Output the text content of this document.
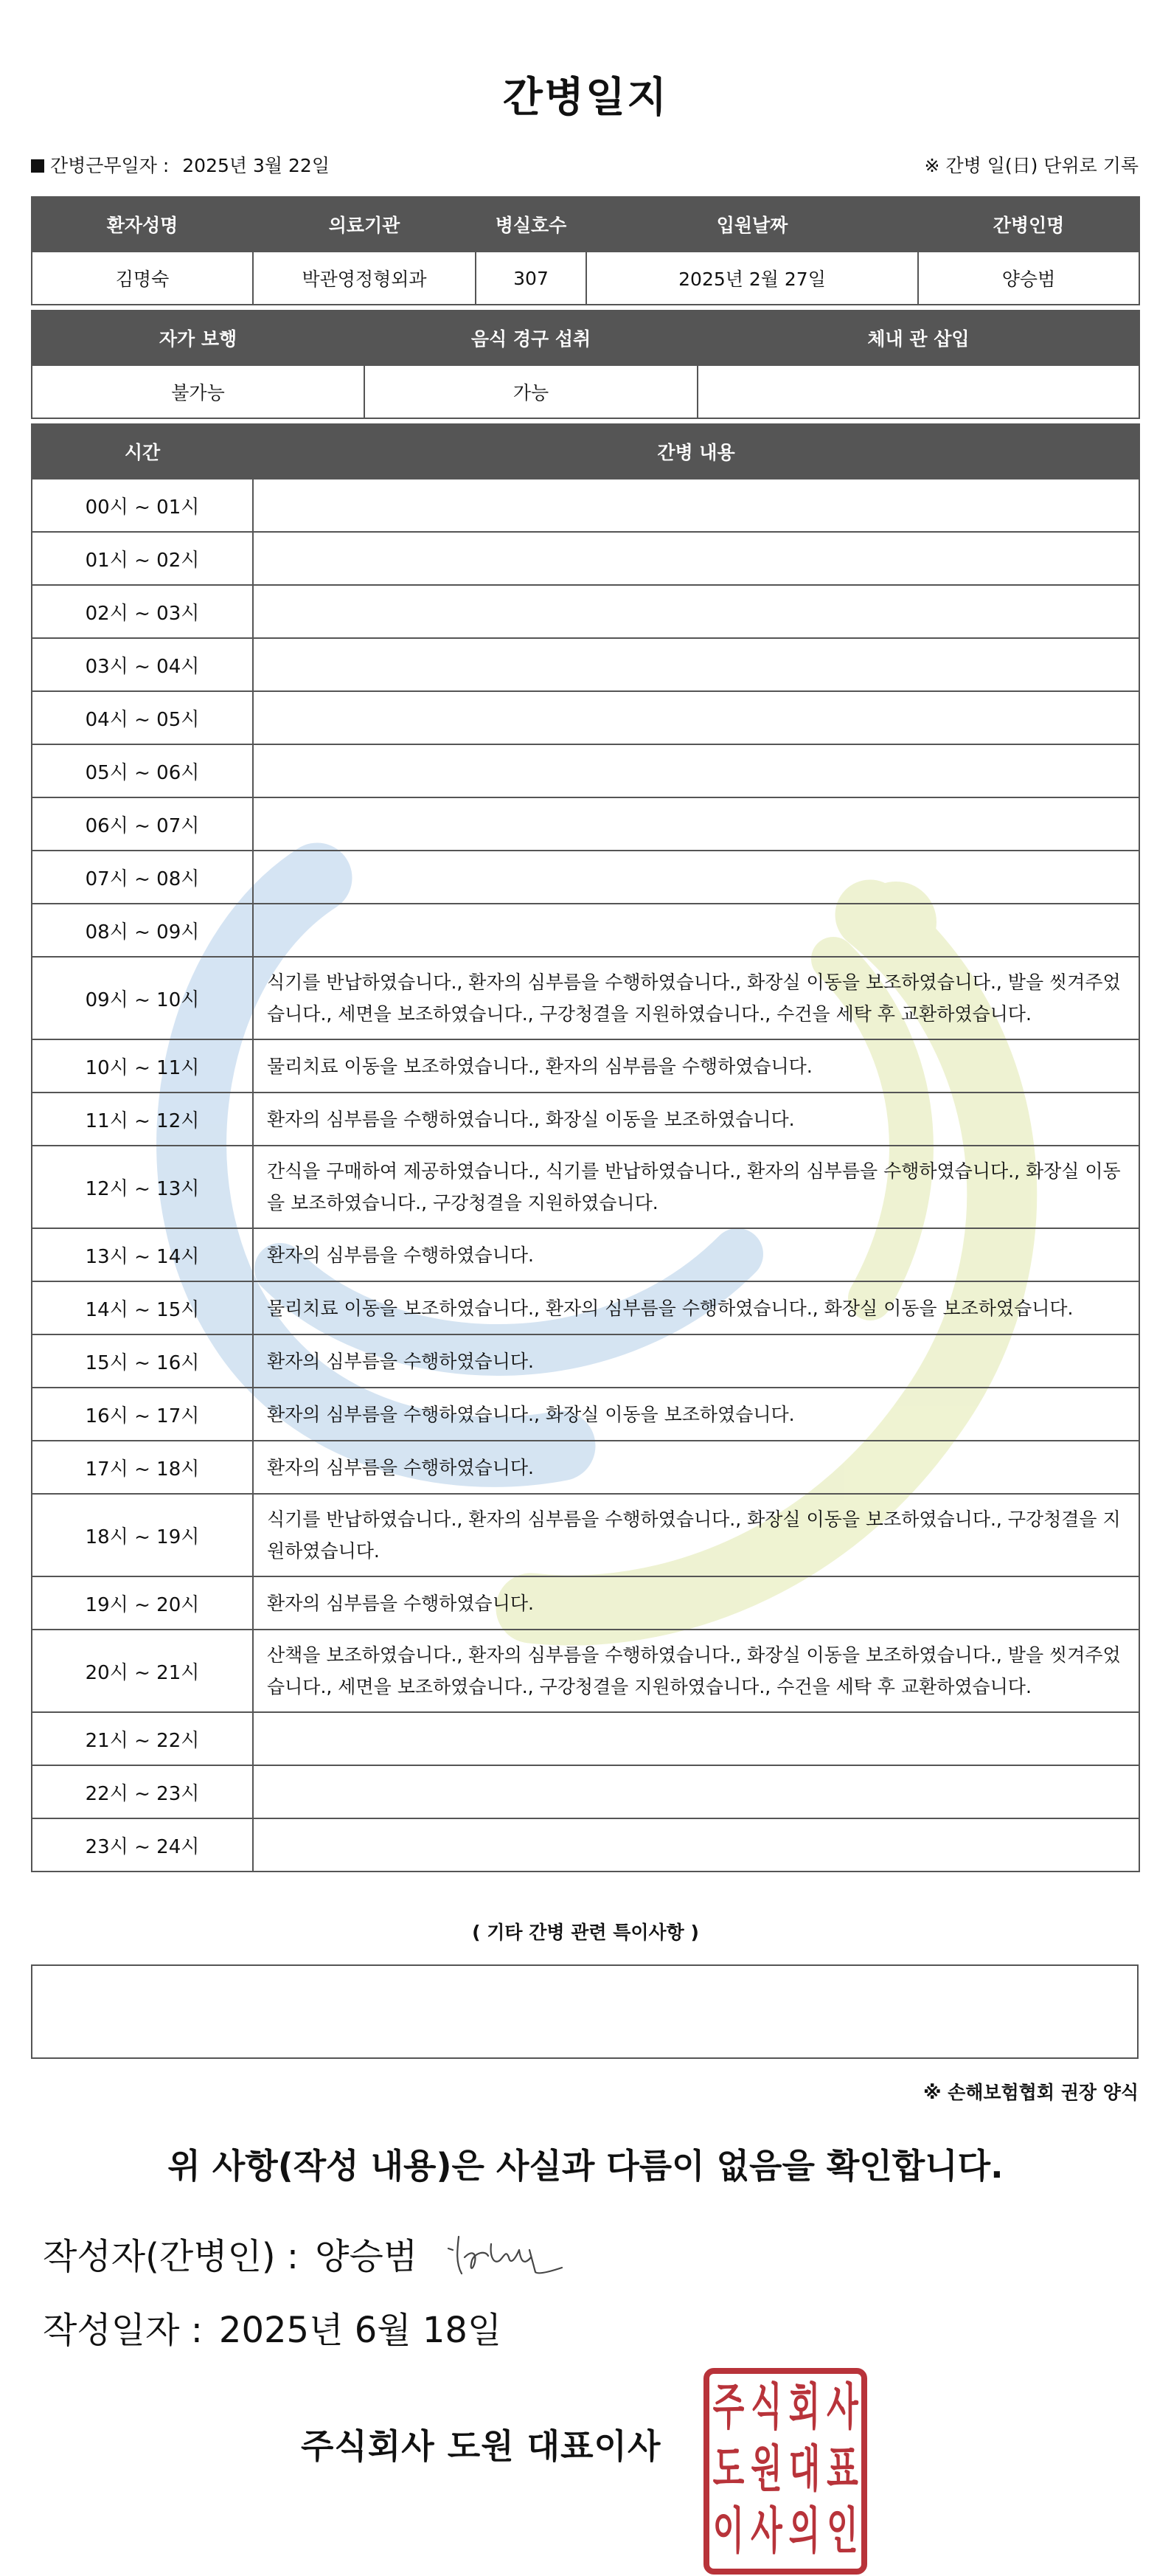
간병일지
간병근무일자 : 2025년 3월 22일	※ 간병 일(日) 단위로 기록
환자성명	의료기관	병실호수	입원날짜	간병인명
김명숙	박관영정형외과	307	2025년 2월 27일	양승범
자가 보행	음식 경구 섭취	체내 관 삽입
불가능	가능	
시간	간병 내용
00시 ~ 01시	
01시 ~ 02시	
02시 ~ 03시	
03시 ~ 04시	
04시 ~ 05시	
05시 ~ 06시	
06시 ~ 07시	
07시 ~ 08시	
08시 ~ 09시	
09시 ~ 10시	식기를 반납하였습니다., 환자의 심부름을 수행하였습니다., 화장실 이동을 보조하였습니다., 발을 씻겨주었습니다., 세면을 보조하였습니다., 구강청결을 지원하였습니다., 수건을 세탁 후 교환하였습니다.
10시 ~ 11시	물리치료 이동을 보조하였습니다., 환자의 심부름을 수행하였습니다.
11시 ~ 12시	환자의 심부름을 수행하였습니다., 화장실 이동을 보조하였습니다.
12시 ~ 13시	간식을 구매하여 제공하였습니다., 식기를 반납하였습니다., 환자의 심부름을 수행하였습니다., 화장실 이동을 보조하였습니다., 구강청결을 지원하였습니다.
13시 ~ 14시	환자의 심부름을 수행하였습니다.
14시 ~ 15시	물리치료 이동을 보조하였습니다., 환자의 심부름을 수행하였습니다., 화장실 이동을 보조하였습니다.
15시 ~ 16시	환자의 심부름을 수행하였습니다.
16시 ~ 17시	환자의 심부름을 수행하였습니다., 화장실 이동을 보조하였습니다.
17시 ~ 18시	환자의 심부름을 수행하였습니다.
18시 ~ 19시	식기를 반납하였습니다., 환자의 심부름을 수행하였습니다., 화장실 이동을 보조하였습니다., 구강청결을 지원하였습니다.
19시 ~ 20시	환자의 심부름을 수행하였습니다.
20시 ~ 21시	산책을 보조하였습니다., 환자의 심부름을 수행하였습니다., 화장실 이동을 보조하였습니다., 발을 씻겨주었습니다., 세면을 보조하였습니다., 구강청결을 지원하였습니다., 수건을 세탁 후 교환하였습니다.
21시 ~ 22시	
22시 ~ 23시	
23시 ~ 24시	
( 기타 간병 관련 특이사항 )
※ 손해보험협회 권장 양식
위 사항(작성 내용)은 사실과 다름이 없음을 확인합니다.
작성자(간병인) : 양승범
작성일자 : 2025년 6월 18일
주식회사 도원 대표이사
주 식 회 사
도 원 대 표
이 사 의 인
